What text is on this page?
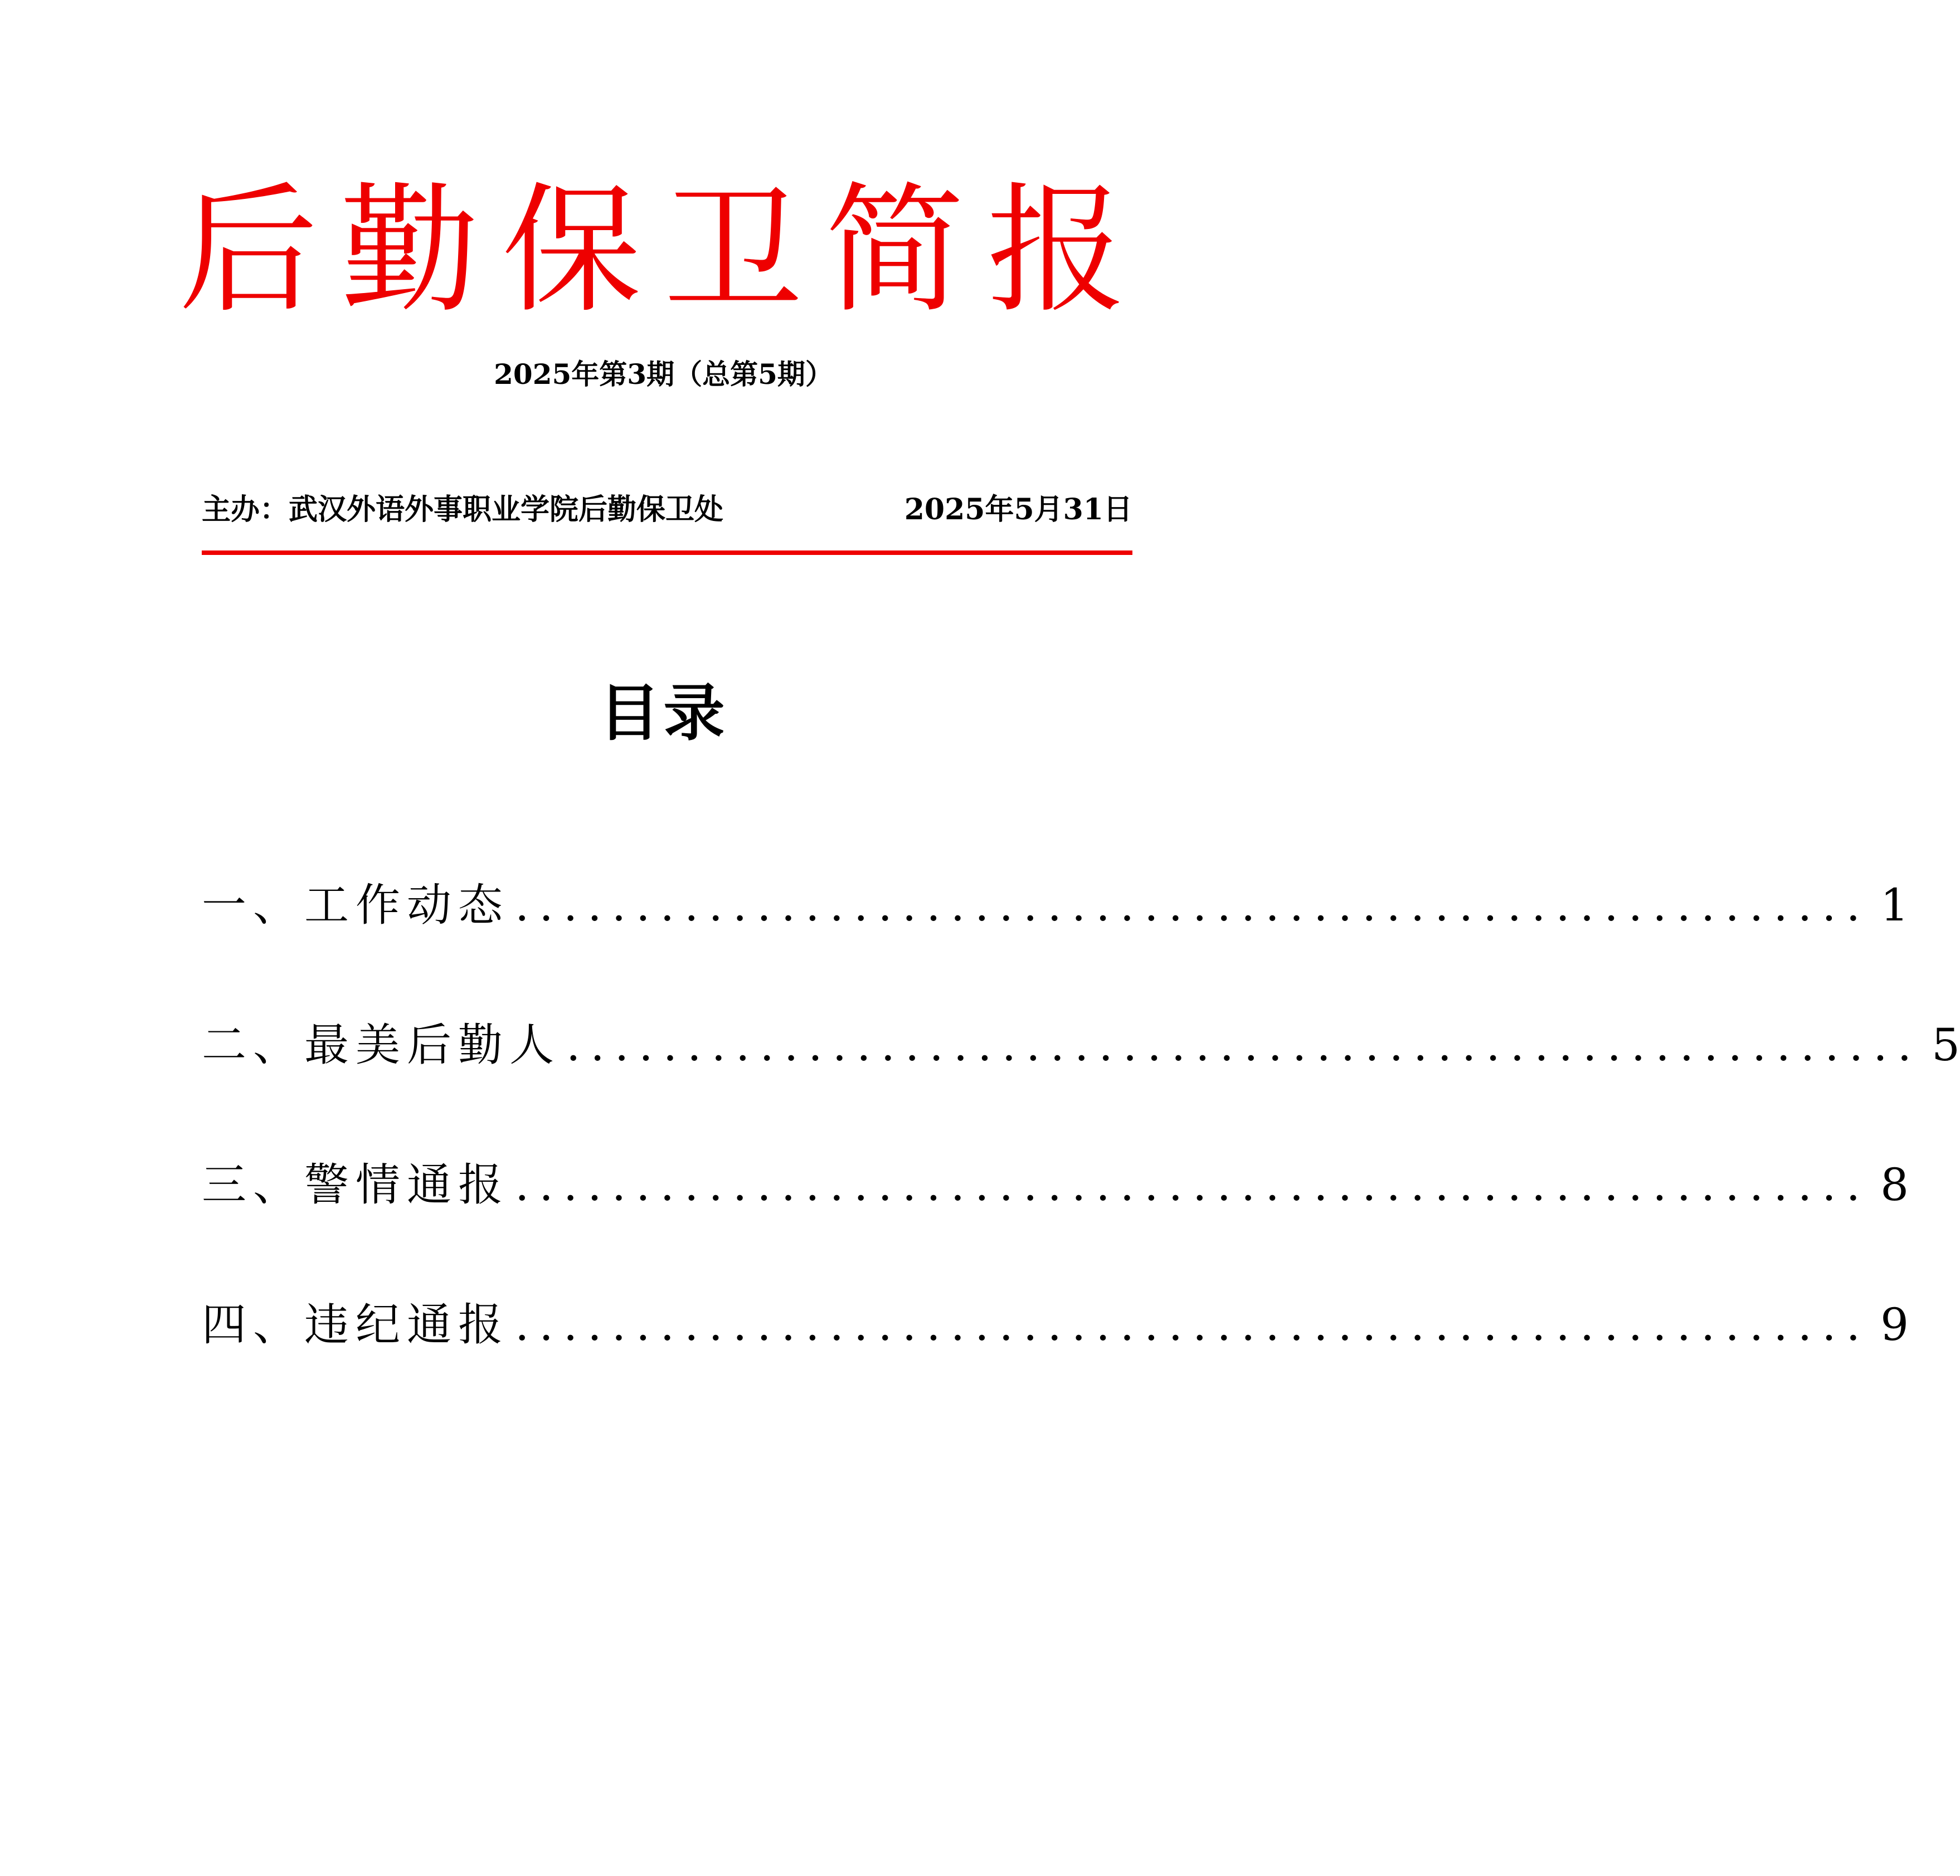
后勤保卫简报
2025年第3期（总第5期）
主办：武汉外语外事职业学院后勤保卫处	2025年5月31日
目录
一、工作动态 ........................................................ 1
二、最美后勤人 ........................................................ 5
三、警情通报 ........................................................ 8
四、违纪通报 ........................................................ 9
